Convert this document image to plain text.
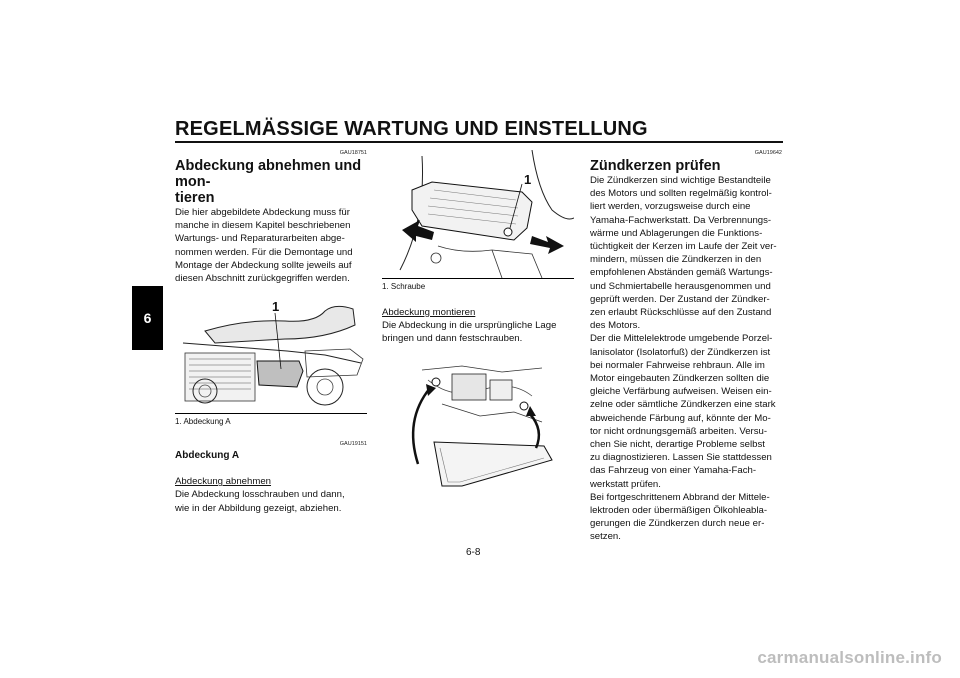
REGELMÄSSIGE WARTUNG UND EINSTELLUNG
6
GAU18751
Abdeckung abnehmen und mon-
tieren
Die hier abgebildete Abdeckung muss für
manche in diesem Kapitel beschriebenen
Wartungs- und Reparaturarbeiten abge-
nommen werden. Für die Demontage und
Montage der Abdeckung sollte jeweils auf
diesen Abschnitt zurückgegriffen werden.
1
1. Abdeckung A
GAU19151
Abdeckung A
Abdeckung abnehmen
Die Abdeckung losschrauben und dann,
wie in der Abbildung gezeigt, abziehen.
1
1. Schraube
Abdeckung montieren
Die Abdeckung in die ursprüngliche Lage
bringen und dann festschrauben.
GAU19642
Zündkerzen prüfen
Die Zündkerzen sind wichtige Bestandteile
des Motors und sollten regelmäßig kontrol-
liert werden, vorzugsweise durch eine
Yamaha-Fachwerkstatt. Da Verbrennungs-
wärme und Ablagerungen die Funktions-
tüchtigkeit der Kerzen im Laufe der Zeit ver-
mindern, müssen die Zündkerzen in den
empfohlenen Abständen gemäß Wartungs-
und Schmiertabelle herausgenommen und
geprüft werden. Der Zustand der Zündker-
zen erlaubt Rückschlüsse auf den Zustand
des Motors.
Der die Mittelelektrode umgebende Porzel-
lanisolator (Isolatorfuß) der Zündkerzen ist
bei normaler Fahrweise rehbraun. Alle im
Motor eingebauten Zündkerzen sollten die
gleiche Verfärbung aufweisen. Weisen ein-
zelne oder sämtliche Zündkerzen eine stark
abweichende Färbung auf, könnte der Mo-
tor nicht ordnungsgemäß arbeiten. Versu-
chen Sie nicht, derartige Probleme selbst
zu diagnostizieren. Lassen Sie stattdessen
das Fahrzeug von einer Yamaha-Fach-
werkstatt prüfen.
Bei fortgeschrittenem Abbrand der Mittele-
lektroden oder übermäßigen Ölkohleabla-
gerungen die Zündkerzen durch neue er-
setzen.
6-8
carmanualsonline.info
